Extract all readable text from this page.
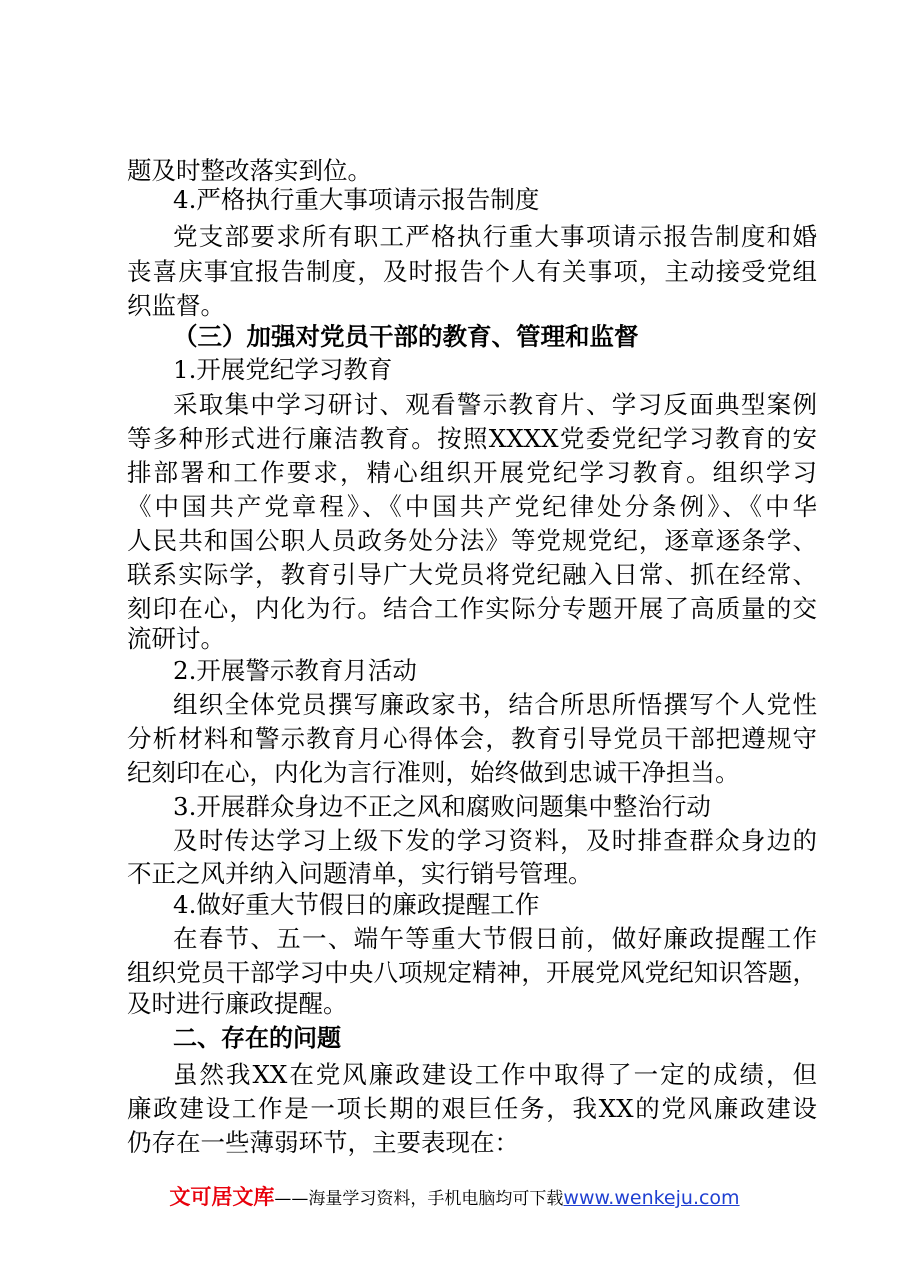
题及时整改落实到位。
4.严格执行重大事项请示报告制度
党支部要求所有职工严格执行重大事项请示报告制度和婚
丧喜庆事宜报告制度，及时报告个人有关事项，主动接受党组
织监督。
（三）加强对党员干部的教育、管理和监督
1.开展党纪学习教育
采取集中学习研讨、观看警示教育片、学习反面典型案例
等多种形式进行廉洁教育。按照XXXX党委党纪学习教育的安
排部署和工作要求，精心组织开展党纪学习教育。组织学习
《中国共产党章程》、《中国共产党纪律处分条例》、《中华
人民共和国公职人员政务处分法》等党规党纪，逐章逐条学、
联系实际学，教育引导广大党员将党纪融入日常、抓在经常、
刻印在心，内化为行。结合工作实际分专题开展了高质量的交
流研讨。
2.开展警示教育月活动
组织全体党员撰写廉政家书，结合所思所悟撰写个人党性
分析材料和警示教育月心得体会，教育引导党员干部把遵规守
纪刻印在心，内化为言行准则，始终做到忠诚干净担当。
3.开展群众身边不正之风和腐败问题集中整治行动
及时传达学习上级下发的学习资料，及时排查群众身边的
不正之风并纳入问题清单，实行销号管理。
4.做好重大节假日的廉政提醒工作
在春节、五一、端午等重大节假日前，做好廉政提醒工作
组织党员干部学习中央八项规定精神，开展党风党纪知识答题，
及时进行廉政提醒。
二、存在的问题
虽然我XX在党风廉政建设工作中取得了一定的成绩，但
廉政建设工作是一项长期的艰巨任务，我XX的党风廉政建设
仍存在一些薄弱环节，主要表现在：
文可居文库——海量学习资料，手机电脑均可下载www.wenkeju.com
